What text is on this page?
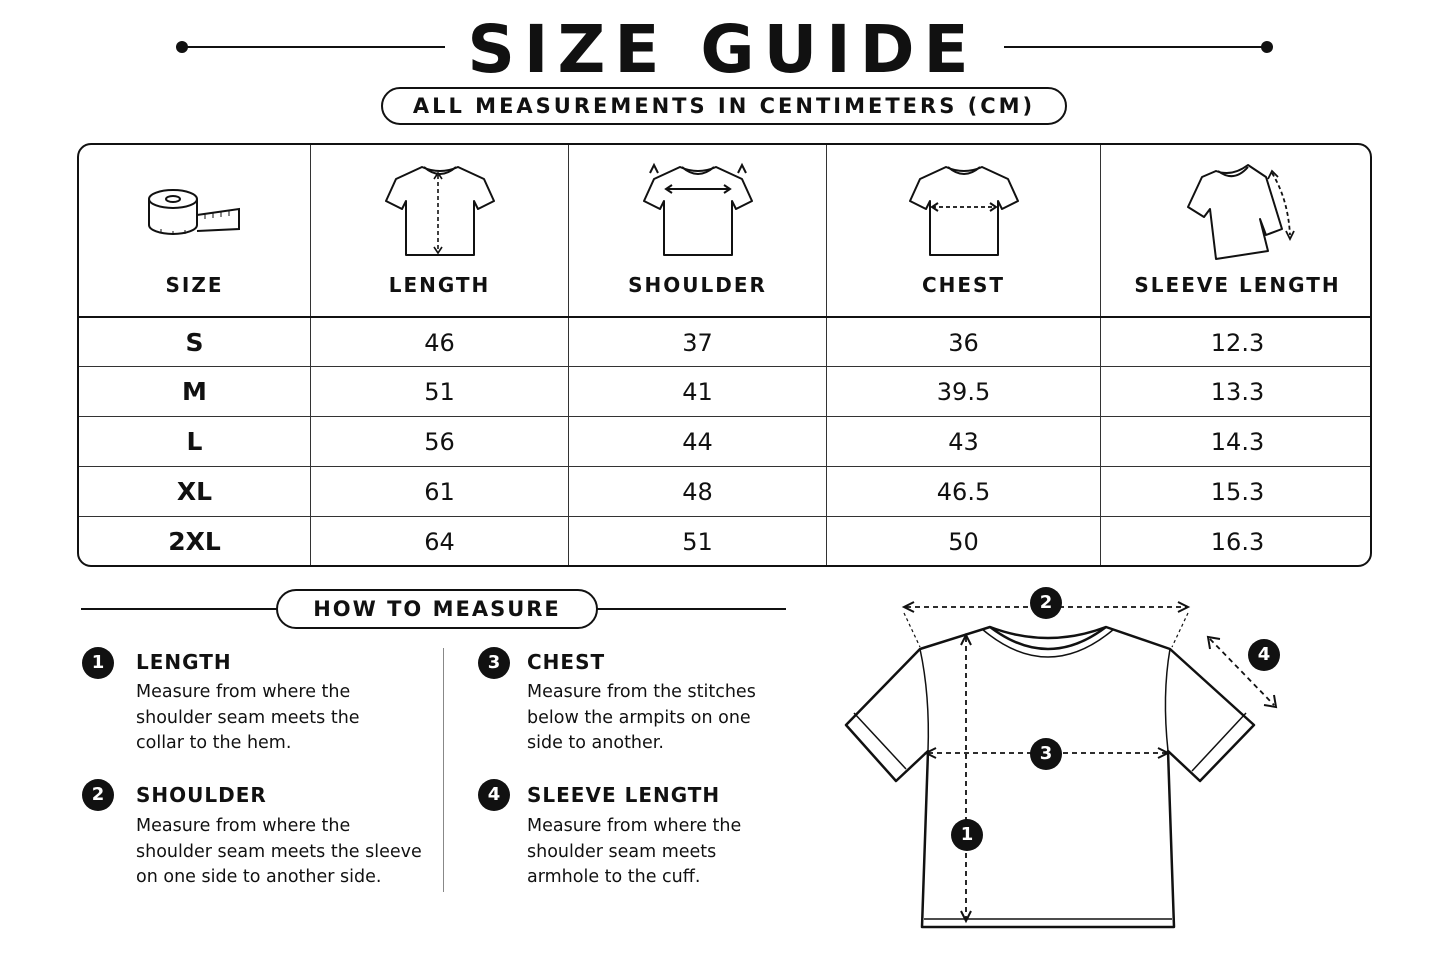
SIZE GUIDE
ALL MEASUREMENTS IN CENTIMETERS (CM)
SIZE	LENGTH	SHOULDER	CHEST	SLEEVE LENGTH
S	46	37	36	12.3
M	51	41	39.5	13.3
L	56	44	43	14.3
XL	61	48	46.5	15.3
2XL	64	51	50	16.3
HOW TO MEASURE
1	LENGTH
Measure from where the
shoulder seam meets the
collar to the hem.
2	SHOULDER
Measure from where the
shoulder seam meets the sleeve
on one side to another side.
3	CHEST
Measure from the stitches
below the armpits on one
side to another.
4	SLEEVE LENGTH
Measure from where the
shoulder seam meets
armhole to the cuff.
1
2
3
4
